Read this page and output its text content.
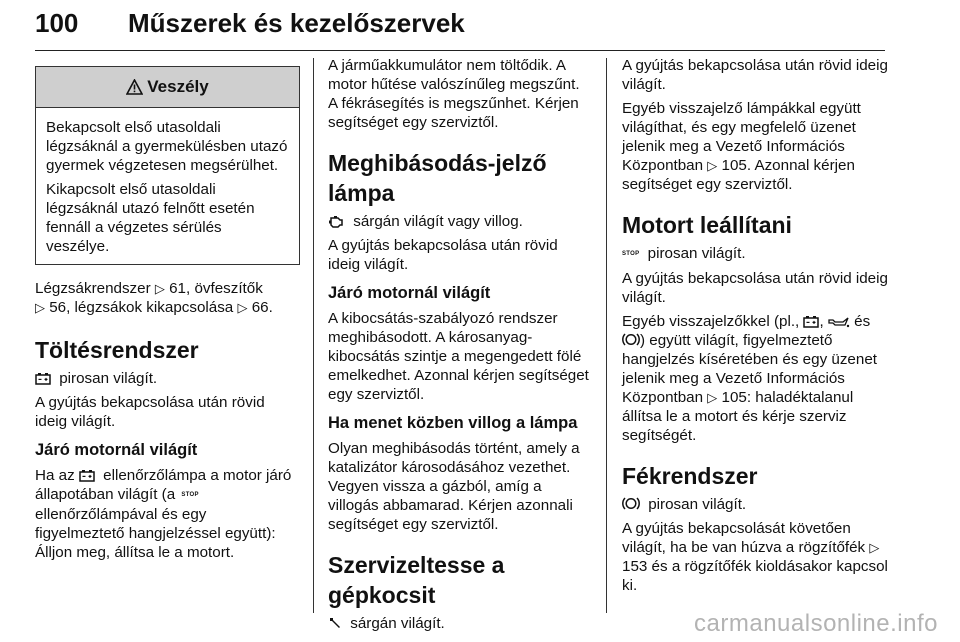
100 Műszerek és kezelőszervek
Veszély

Bekapcsolt első utasoldali légzsáknál a gyermekülésben utazó gyermek végzetesen megsérülhet.

Kikapcsolt első utasoldali légzsáknál utazó felnőtt esetén fennáll a végzetes sérülés veszélye.

Légzsákrendszer ▷ 61, övfeszítők
▷ 56, légzsákok kikapcsolása ▷ 66.

Töltésrendszer

pirosan világít.

A gyújtás bekapcsolása után rövid ideig világít.

Járó motornál világít

Ha az  ellenőrzőlámpa a motor járó állapotában világít (a STOP ellenőrzőlámpával és egy figyelmeztető hangjelzéssel együtt): Álljon meg, állítsa le a motort.

A járműakkumulátor nem töltődik. A motor hűtése valószínűleg megszűnt. A fékrásegítés is megszűnhet. Kérjen segítséget egy szerviztől.

Meghibásodás-jelző lámpa

sárgán világít vagy villog.

A gyújtás bekapcsolása után rövid ideig világít.

Járó motornál világít

A kibocsátás-szabályozó rendszer meghibásodott. A károsanyag-kibocsátás szintje a megengedett fölé emelkedhet. Azonnal kérjen segítséget egy szerviztől.

Ha menet közben villog a lámpa

Olyan meghibásodás történt, amely a katalizátor károsodásához vezethet. Vegyen vissza a gázból, amíg a villogás abbamarad. Kérjen azonnali segítséget egy szerviztől.

Szervizeltesse a gépkocsit

sárgán világít.

A gyújtás bekapcsolása után rövid ideig világít.

Egyéb visszajelző lámpákkal együtt világíthat, és egy megfelelő üzenet jelenik meg a Vezető Információs Központban ▷ 105. Azonnal kérjen segítséget egy szerviztől.

Motort leállítani

STOP pirosan világít.

A gyújtás bekapcsolása után rövid ideig világít.

Egyéb visszajelzőkkel (pl., ,  és ) együtt világít, figyelmeztető hangjelzés kíséretében és egy üzenet jelenik meg a Vezető Információs Központban ▷ 105: haladéktalanul állítsa le a motort és kérje szerviz segítségét.

Fékrendszer

pirosan világít.

A gyújtás bekapcsolását követően világít, ha be van húzva a rögzítőfék ▷ 153 és a rögzítőfék kioldásakor kapcsol ki.

carmanualsonline.info
